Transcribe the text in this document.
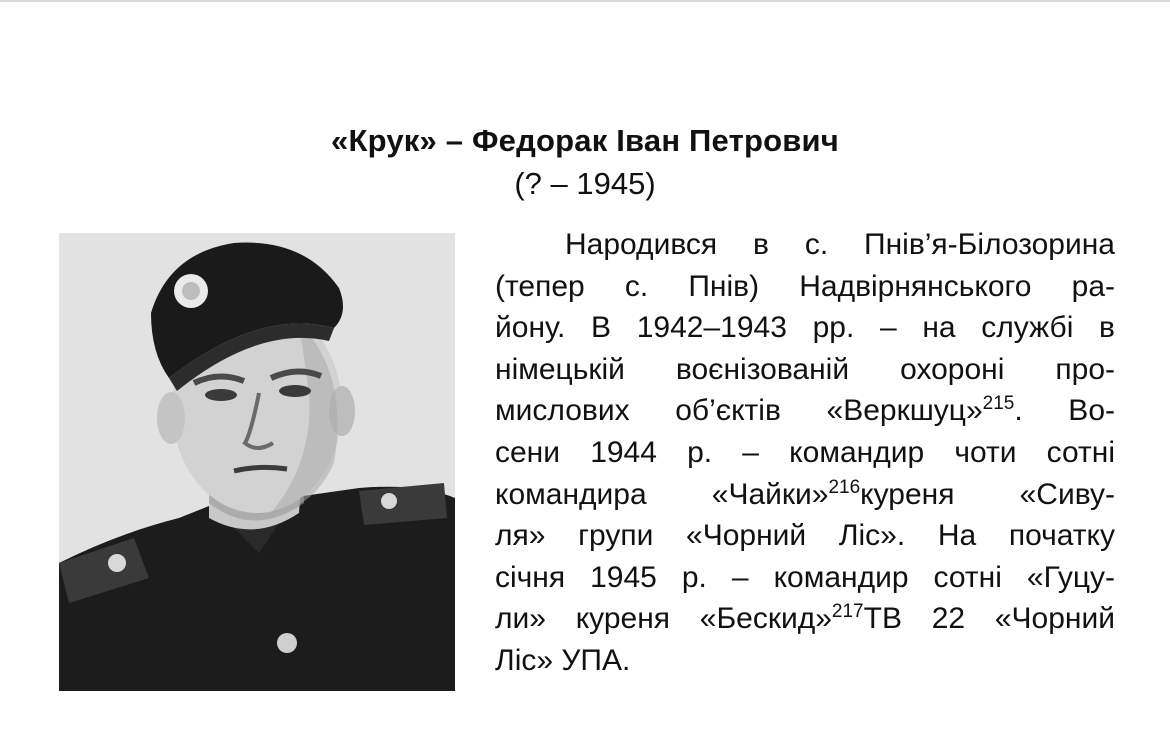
«Крук» – Федорак Іван Петрович
(? – 1945)
Народився в с. Пнів’я-Білозорина
(тепер с. Пнів) Надвірнянського ра-
йону. В 1942–1943 рр. – на службі в
німецькій воєнізованій охороні про-
мислових об’єктів «Веркшуц»$^{215}$. Во-
сени 1944 р. – командир чоти сотні
командира «Чайки»$^{216}$куреня «Сиву-
ля» групи «Чорний Ліс». На початку
січня 1945 р. – командир сотні «Гуцу-
ли» куреня «Бескид»$^{217}$ТВ 22 «Чорний
Ліс» УПА.
